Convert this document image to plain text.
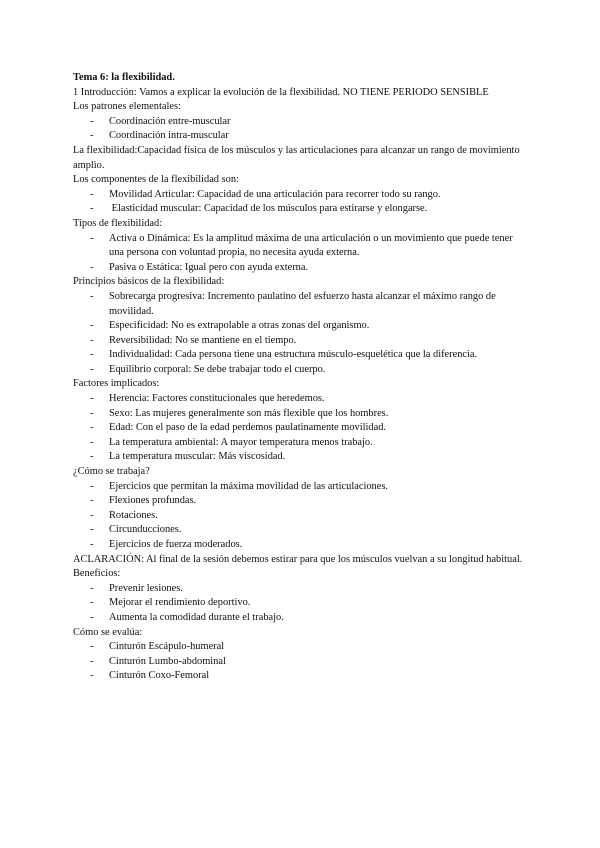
Tema 6: la flexibilidad.
1 Introducción: Vamos a explicar la evolución de la flexibilidad. NO TIENE PERIODO SENSIBLE
Los patrones elementales:
- Coordinación entre-muscular
- Coordinación intra-muscular
La flexibilidad:Capacidad física de los músculos y las articulaciones para alcanzar un rango de movimiento amplio.
Los componentes de la flexibilidad son:
- Movilidad Articular: Capacidad de una articulación para recorrer todo su rango.
-  Elasticidad muscular: Capacidad de los músculos para estirarse y elongarse.
Tipos de flexibilidad:
- Activa o Dinámica: Es la amplitud máxima de una articulación o un movimiento que puede tener una persona con voluntad propia, no necesita ayuda externa.
- Pasiva o Estática: Igual pero con ayuda externa.
Principios básicos de la flexibilidad:
- Sobrecarga progresiva: Incremento paulatino del esfuerzo hasta alcanzar el máximo rango de movilidad.
- Especificidad: No es extrapolable a otras zonas del organismo.
- Reversibilidad: No se mantiene en el tiempo.
- Individualidad: Cada persona tiene una estructura músculo-esquelética que la diferencia.
- Equilibrio corporal: Se debe trabajar todo el cuerpo.
Factores implicados:
- Herencia: Factores constitucionales que heredemos.
- Sexo: Las mujeres generalmente son más flexible que los hombres.
- Edad: Con el paso de la edad perdemos paulatinamente movilidad.
- La temperatura ambiental: A mayor temperatura menos trabajo.
- La temperatura muscular: Más viscosidad.
¿Cómo se trabaja?
- Ejercicios que permitan la máxima movilidad de las articulaciones.
- Flexiones profundas.
- Rotaciones.
- Circunducciones.
- Ejercicios de fuerza moderados.
ACLARACIÓN: Al final de la sesión debemos estirar para que los músculos vuelvan a su longitud habitual.
Beneficios:
- Prevenir lesiones.
- Mejorar el rendimiento deportivo.
- Aumenta la comodidad durante el trabajo.
Cómo se evalúa:
- Cinturón Escápulo-humeral
- Cinturón Lumbo-abdominal
- Cinturón Coxo-Femoral
